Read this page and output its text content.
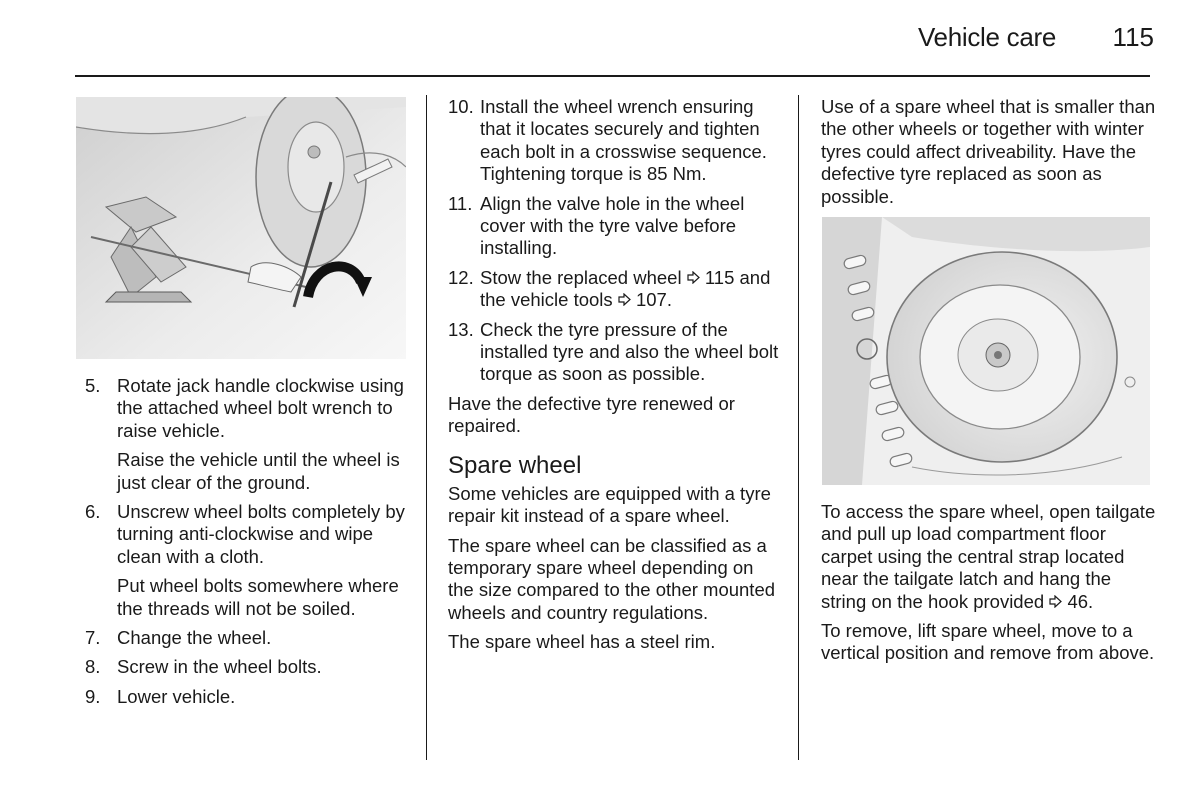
Vehicle care	115
5. Rotate jack handle clockwise using the attached wheel bolt wrench to raise vehicle.
Raise the vehicle until the wheel is just clear of the ground.
6. Unscrew wheel bolts completely by turning anti-clockwise and wipe clean with a cloth.
Put wheel bolts somewhere where the threads will not be soiled.
7. Change the wheel.
8. Screw in the wheel bolts.
9. Lower vehicle.
10. Install the wheel wrench ensuring that it locates securely and tighten each bolt in a crosswise sequence. Tightening torque is 85 Nm.
11. Align the valve hole in the wheel cover with the tyre valve before installing.
12. Stow the replaced wheel 115 and the vehicle tools 107.
13. Check the tyre pressure of the installed tyre and also the wheel bolt torque as soon as possible.

Have the defective tyre renewed or repaired.

Spare wheel

Some vehicles are equipped with a tyre repair kit instead of a spare wheel.

The spare wheel can be classified as a temporary spare wheel depending on the size compared to the other mounted wheels and country regulations.

The spare wheel has a steel rim.

Use of a spare wheel that is smaller than the other wheels or together with winter tyres could affect driveability. Have the defective tyre replaced as soon as possible.

To access the spare wheel, open tailgate and pull up load compartment floor carpet using the central strap located near the tailgate latch and hang the string on the hook provided 46.

To remove, lift spare wheel, move to a vertical position and remove from above.
